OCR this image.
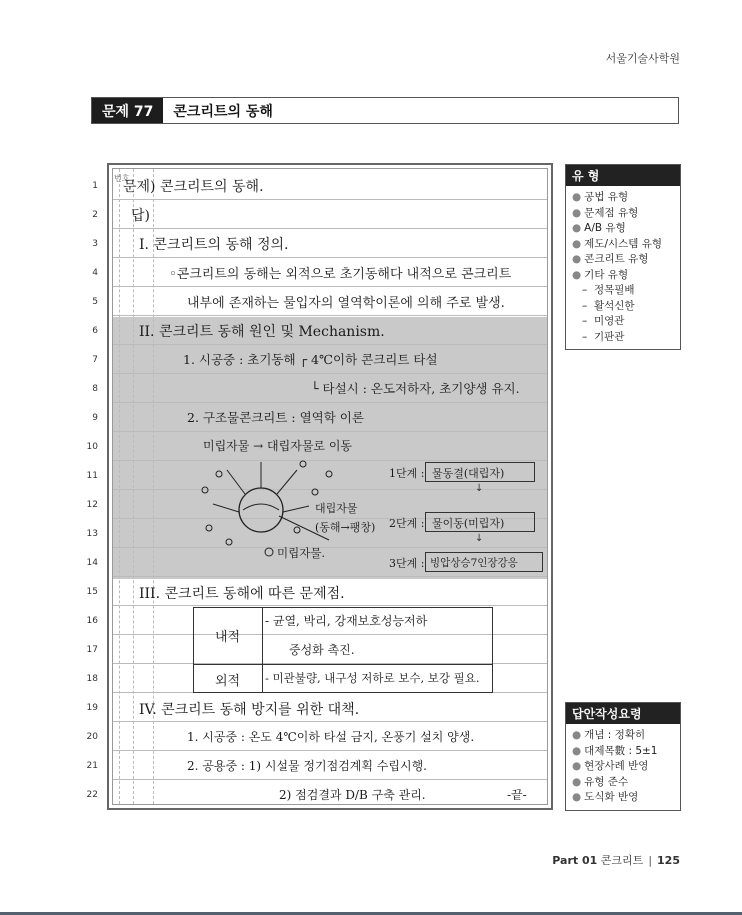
서울기술사학원
문제 77	콘크리트의 동해
1
2
3
4
5
6
7
8
9
10
11
12
13
14
15
16
17
18
19
20
21
22
번호
문제) 콘크리트의 동해.
답)
I. 콘크리트의 동해 정의.
◦콘크리트의 동해는 외적으로 초기동해다 내적으로 콘크리트
내부에 존재하는 물입자의 열역학이론에 의해 주로 발생.
II. 콘크리트 동해 원인 및 Mechanism.
1. 시공중 : 초기동해 ┌ 4℃이하 콘크리트 타설
└ 타설시 : 온도저하자, 초기양생 유지.
2. 구조물콘크리트 : 열역학 이론
미립자물 → 대립자물로 이동
대립자물
(동해→팽창)
미립자물.
1단계 : 물동결(대립자)
↓
2단계 : 물이동(미립자)
↓
3단계 : 빙압상승7인장강응
III. 콘크리트 동해에 따른 문제점.
내적
- 균열, 박리, 강재보호성능저하
중성화 촉진.
외적 - 미관불량, 내구성 저하로 보수, 보강 필요.
IV. 콘크리트 동해 방지를 위한 대책.
1. 시공중 : 온도 4℃이하 타설 금지, 온풍기 설치 양생.
2. 공용중 : 1) 시설물 정기점검계획 수립시행.
2) 점검결과 D/B 구축 관리.	-끝-
유 형
● 공법 유형
● 문제점 유형
● A/B 유형
● 제도/시스템 유형
● 콘크리트 유형
● 기타 유형
–  정목필배
–  활석신한
–  미영관
–  기판관
답안작성요령
● 개념 : 정확히
● 대제목數 : 5±1
● 현장사례 반영
● 유형 준수
● 도식화 반영
Part 01 콘크리트 | 125
